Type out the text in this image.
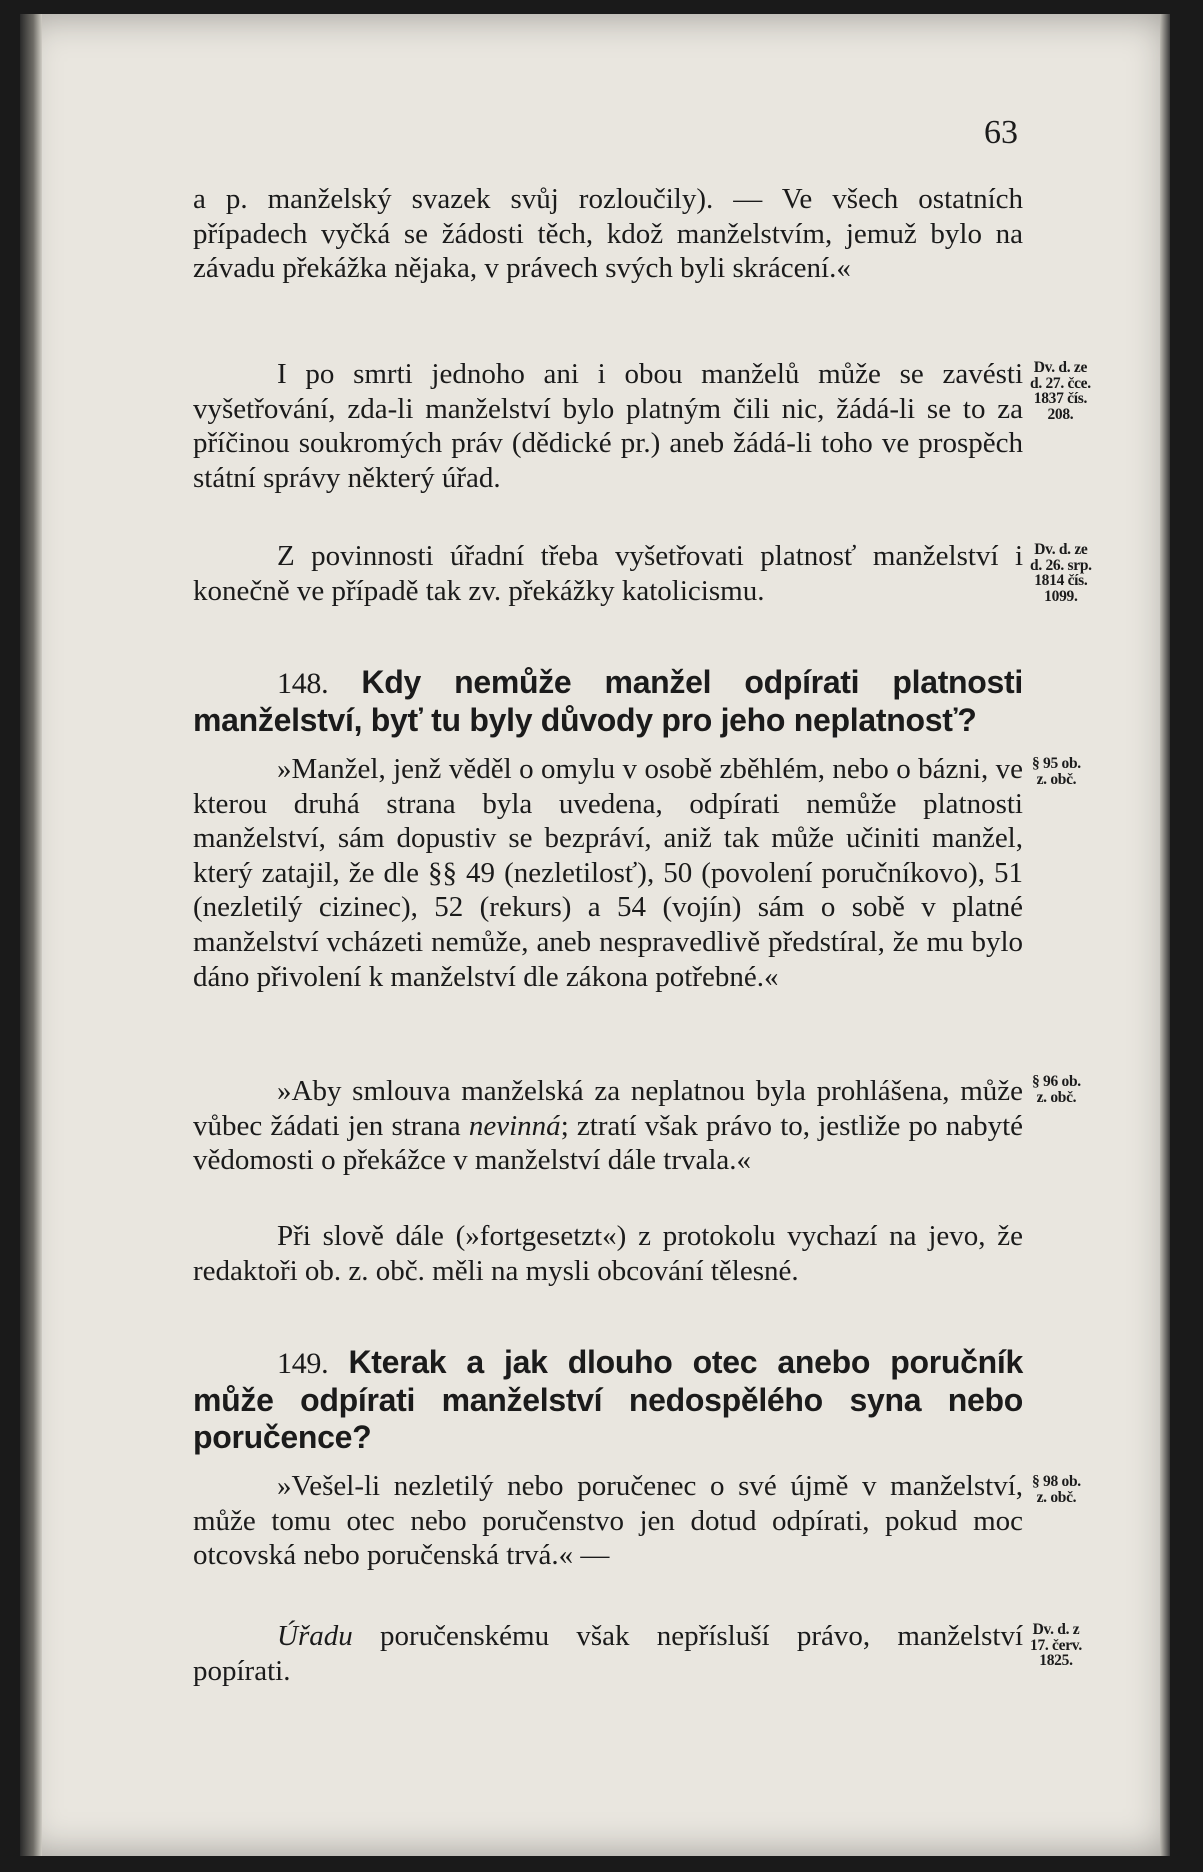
63

a p. manželský svazek svůj rozloučily). — Ve všech ostatních případech vyčká se žádosti těch, kdož manželstvím, jemuž bylo na závadu překážka nějaka, v právech svých byli skrácení.«

I po smrti jednoho ani i obou manželů může se zavésti vyšetřování, zda-li manželství bylo platným čili nic, žádá-li se to za příčinou soukromých práv (dědické pr.) aneb žádá-li toho ve prospěch státní správy některý úřad.

Z povinnosti úřadní třeba vyšetřovati platnosť manželství i konečně ve případě tak zv. překážky katolicismu.

148. Kdy nemůže manžel odpírati platnosti manželství, byť tu byly důvody pro jeho neplatnosť?

»Manžel, jenž věděl o omylu v osobě zběhlém, nebo o bázni, ve kterou druhá strana byla uvedena, odpírati nemůže platnosti manželství, sám dopustiv se bezpráví, aniž tak může učiniti manžel, který zatajil, že dle §§ 49 (nezletilosť), 50 (povolení poručníkovo), 51 (nezletilý cizinec), 52 (rekurs) a 54 (vojín) sám o sobě v platné manželství vcházeti nemůže, aneb nespravedlivě předstíral, že mu bylo dáno přivolení k manželství dle zákona potřebné.«

»Aby smlouva manželská za neplatnou byla prohlášena, může vůbec žádati jen strana nevinná; ztratí však právo to, jestliže po nabyté vědomosti o překážce v manželství dále trvala.«

Při slově dále (»fortgesetzt«) z protokolu vychazí na jevo, že redaktoři ob. z. obč. měli na mysli obcování tělesné.

149. Kterak a jak dlouho otec anebo poručník může odpírati manželství nedospělého syna nebo poručence?

»Vešel-li nezletilý nebo poručenec o své újmě v manželství, může tomu otec nebo poručenstvo jen dotud odpírati, pokud moc otcovská nebo poručenská trvá.« —

Úřadu poručenskému však nepřísluší právo, manželství popírati.

Dv. d. ze
d. 27. čce.
1837 čís.
208.
Dv. d. ze
d. 26. srp.
1814 čís.
1099.
§ 95 ob.
z. obč.
§ 96 ob.
z. obč.
§ 98 ob.
z. obč.
Dv. d. z
17. červ.
1825.
